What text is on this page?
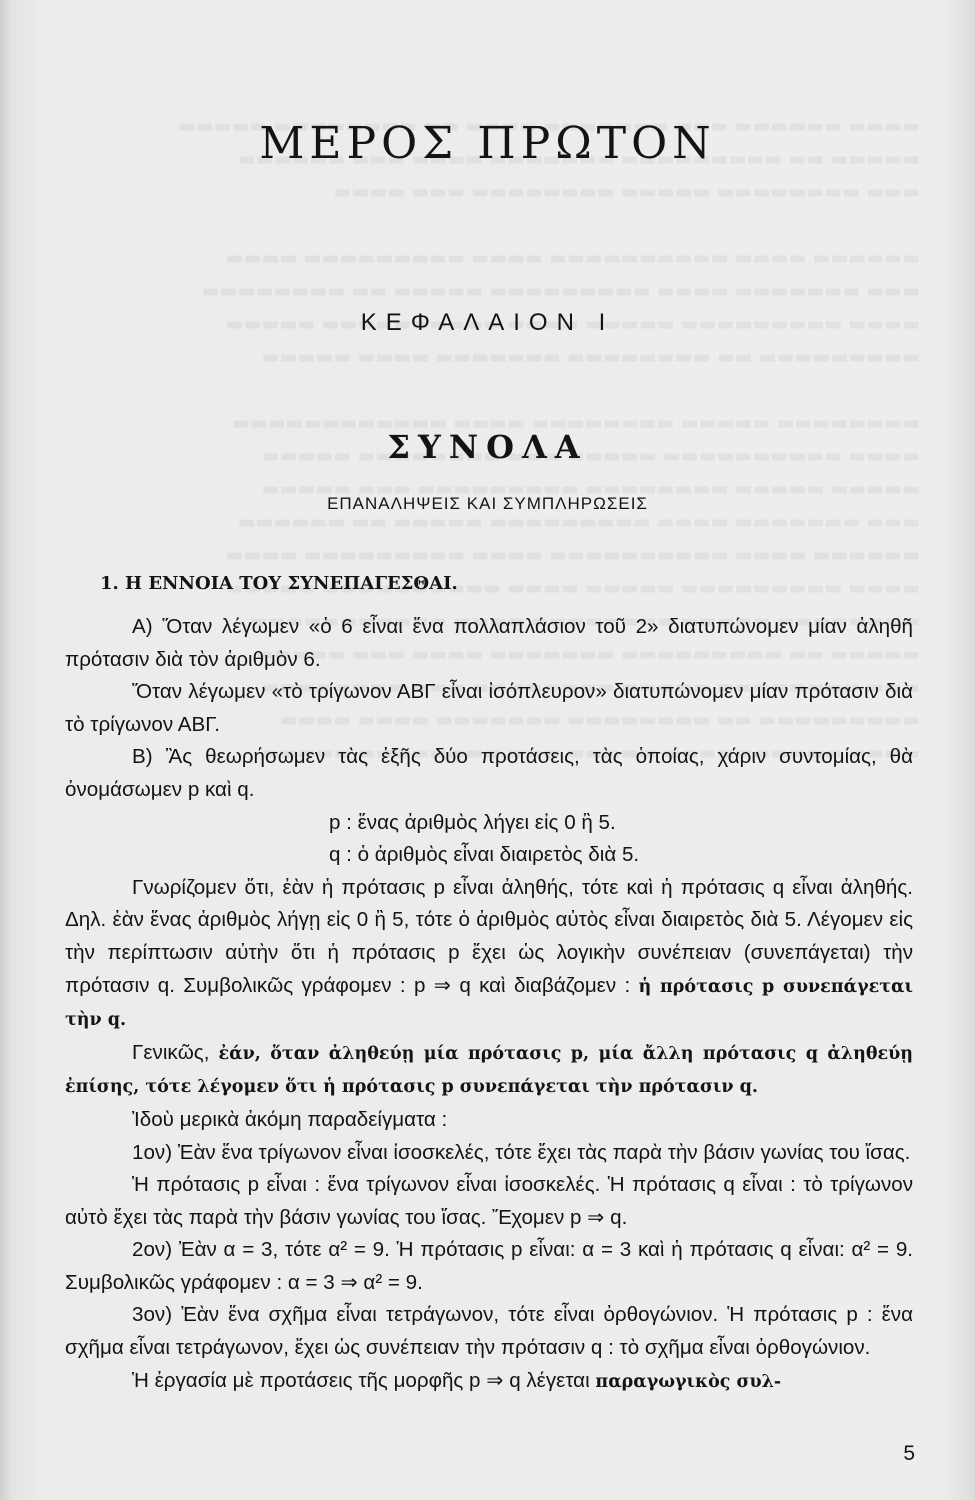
ΜΕΡΟΣ ΠΡΩΤΟΝ
ΚΕΦΑΛΑΙΟΝ Ι
ΣΥΝΟΛΑ
ΕΠΑΝΑΛΗΨΕΙΣ ΚΑΙ ΣΥΜΠΛΗΡΩΣΕΙΣ
1. Η ΕΝΝΟΙΑ ΤΟΥ ΣΥΝΕΠΑΓΕΣΘΑΙ.

Α) Ὅταν λέγωμεν «ὁ 6 εἶναι ἕνα πολλαπλάσιον τοῦ 2» διατυπώνομεν μίαν ἀληθῆ πρότασιν διὰ τὸν ἀριθμὸν 6.

Ὅταν λέγωμεν «τὸ τρίγωνον ΑΒΓ εἶναι ἰσόπλευρον» διατυπώνομεν μίαν πρότασιν διὰ τὸ τρίγωνον ΑΒΓ.

Β) Ἂς θεωρήσωμεν τὰς ἑξῆς δύο προτάσεις, τὰς ὁποίας, χάριν συντομίας, θὰ ὀνομάσωμεν p καὶ q.

p : ἕνας ἀριθμὸς λήγει εἰς 0 ἢ 5.

q : ὁ ἀριθμὸς εἶναι διαιρετὸς διὰ 5.

Γνωρίζομεν ὅτι, ἐὰν ἡ πρότασις p εἶναι ἀληθής, τότε καὶ ἡ πρότασις q εἶναι ἀληθής. Δηλ. ἐὰν ἕνας ἀριθμὸς λήγῃ εἰς 0 ἢ 5, τότε ὁ ἀριθμὸς αὐτὸς εἶναι διαιρετὸς διὰ 5. Λέγομεν εἰς τὴν περίπτωσιν αὐτὴν ὅτι ἡ πρότασις p ἔχει ὡς λογικὴν συνέπειαν (συνεπάγεται) τὴν πρότασιν q. Συμβολικῶς γράφομεν : p ⇒ q καὶ διαβάζομεν : ἡ πρότασις p συνεπάγεται τὴν q.

Γενικῶς, ἐάν, ὅταν ἀληθεύῃ μία πρότασις p, μία ἄλλη πρότασις q ἀληθεύῃ ἐπίσης, τότε λέγομεν ὅτι ἡ πρότασις p συνεπάγεται τὴν πρότασιν q.

Ἰδοὺ μερικὰ ἀκόμη παραδείγματα :

1ον) Ἐὰν ἕνα τρίγωνον εἶναι ἰσοσκελές, τότε ἔχει τὰς παρὰ τὴν βάσιν γωνίας του ἴσας.

Ἡ πρότασις p εἶναι : ἕνα τρίγωνον εἶναι ἰσοσκελές. Ἡ πρότασις q εἶναι : τὸ τρίγωνον αὐτὸ ἔχει τὰς παρὰ τὴν βάσιν γωνίας του ἴσας. Ἔχομεν p ⇒ q.

2ον) Ἐὰν α = 3, τότε α² = 9. Ἡ πρότασις p εἶναι: α = 3 καὶ ἡ πρότασις q εἶναι: α² = 9. Συμβολικῶς γράφομεν : α = 3 ⇒ α² = 9.

3ον) Ἐὰν ἕνα σχῆμα εἶναι τετράγωνον, τότε εἶναι ὀρθογώνιον. Ἡ πρότασις p : ἕνα σχῆμα εἶναι τετράγωνον, ἔχει ὡς συνέπειαν τὴν πρότασιν q : τὸ σχῆμα εἶναι ὀρθογώνιον.

Ἡ ἐργασία μὲ προτάσεις τῆς μορφῆς p ⇒ q λέγεται παραγωγικὸς συλ-

5
